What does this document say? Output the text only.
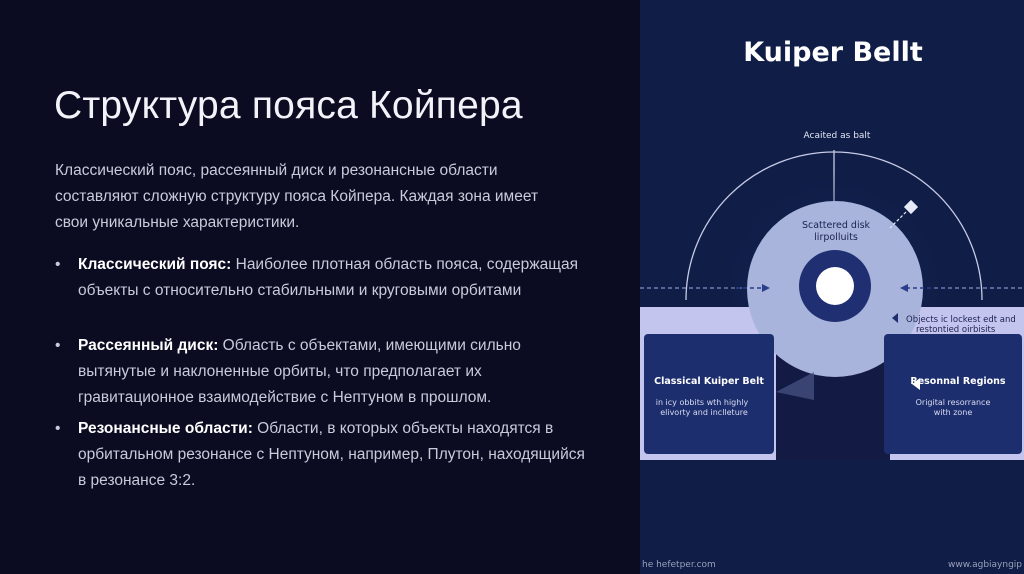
Структура пояса Койпера
Классический пояс, рассеянный диск и резонансные области составляют сложную структуру пояса Койпера. Каждая зона имеет свои уникальные характеристики.
• Классический пояс: Наиболее плотная область пояса, содержащая объекты с относительно стабильными и круговыми орбитами
• Рассеянный диск: Область с объектами, имеющими сильно вытянутые и наклоненные орбиты, что предполагает их гравитационное взаимодействие с Нептуном в прошлом.
• Резонансные области: Области, в которых объекты находятся в орбитальном резонансе с Нептуном, например, Плутон, находящийся в резонансе 3:2.
Kuiper Bellt
Acaited as balt
Scattered disk
lirpolluits
Classical Kuiper Belt
in icy obbits wth highly
elivorty and inclleture
Resonnal Regions
Origital resorrance
with zone
Objects ic lockest edt and
restontied oirbisits
he hefetper.com	www.agbiayngip
